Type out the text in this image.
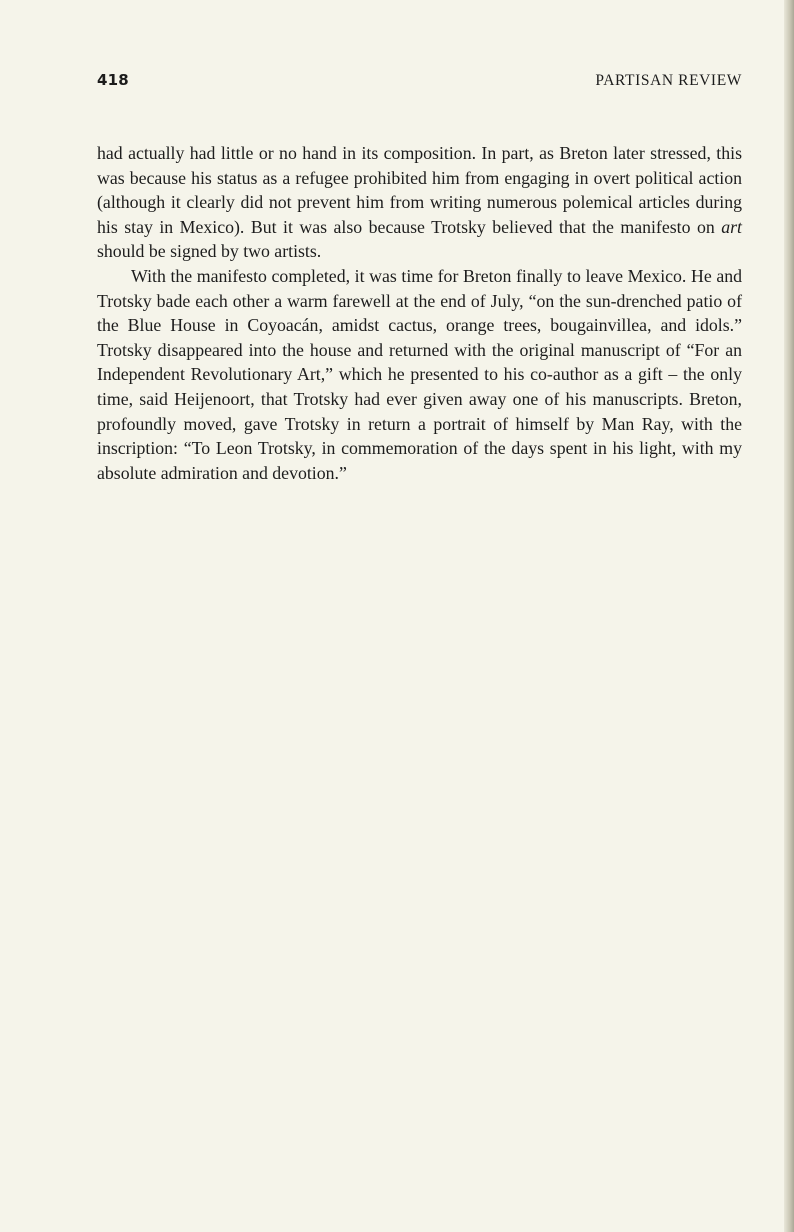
418	PARTISAN REVIEW

had actually had little or no hand in its composition. In part, as Breton later stressed, this was because his status as a refugee prohibited him from engaging in overt political action (although it clearly did not prevent him from writing numerous polemical articles during his stay in Mexico). But it was also because Trotsky believed that the manifesto on art should be signed by two artists.

With the manifesto completed, it was time for Breton finally to leave Mexico. He and Trotsky bade each other a warm farewell at the end of July, “on the sun-drenched patio of the Blue House in Coyoacán, amidst cactus, orange trees, bougainvillea, and idols.” Trotsky disappeared into the house and returned with the original manuscript of “For an Independent Revolutionary Art,” which he presented to his co-author as a gift – the only time, said Heijenoort, that Trotsky had ever given away one of his manuscripts. Breton, profoundly moved, gave Trotsky in return a portrait of himself by Man Ray, with the inscription: “To Leon Trotsky, in commemoration of the days spent in his light, with my absolute admiration and devotion.”
